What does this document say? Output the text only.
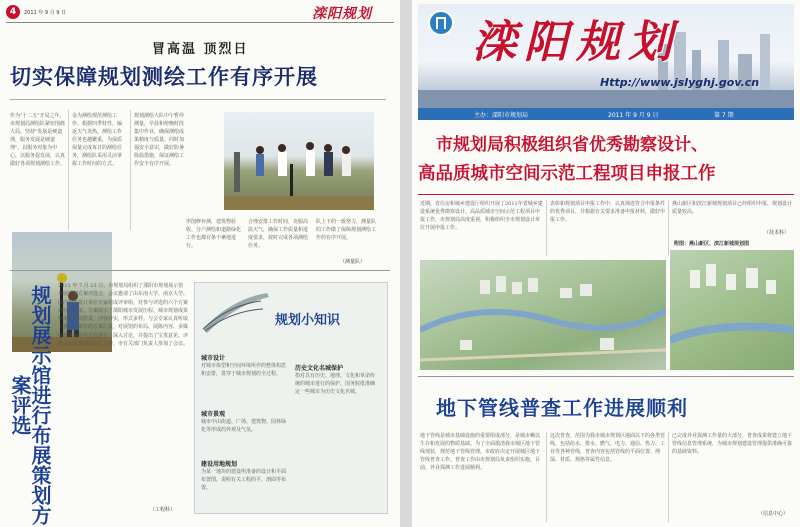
4	2011 年 9 月 9 日	滦阳规划
冒高温 顶烈日
切实保障规划测绘工作有序开展
作为"十二五"开局之年，市规划局测绘队紧密围绕大局，坚持"发展是硬道理，服务发展是硬道理"，以服务对象为中心，以服务促发展，认真做好各项规划测绘工作。
金为测绘规范测绘工作。根据四季特性，编返天气炎热，测绘工作任务也越繁重，为保质保量完成每日的测绘任务，测绘队采用灵活掌握工作时间的方式。
规划测绘大队中午暂停测量，早晨和傍晚时段集中作业，确保测绘成果精度与质量。同时加强安全意识，做好防暑降温措施，保证测绘工作安全有序开展。
形图修补测，建筑物验收、分户测绘和道路绿化工作也都有条不紊地进行。
合理安排工作时间，克服高温天气，确保工作质量和进度要求，按时完成各项测绘任务。
队上下的一致努力，测量队的工作做了保障规划测绘工作的有序开展。
（测量队）
规划展示馆进行布展策划方案评选
2011 年 7 月 23 日，市规划局组织了溧阳市规划展示馆布展策划方案评选会，会议邀请了由东南大学、南京大学、国内知名设计单位专家组成评审组，对参与评选的六个方案进行了评审。方案展示了溧阳城市发展历程、城市规划成果和未来发展愿景，内容详实，形式多样。与会专家认真听取了各设计单位的方案汇报，对展馆的布局、展陈内容、多媒体技术运用等方面进行了深入讨论，并提出了宝贵意见。评选会由市规划局局长主持，市有关部门负责人参加了会议。
（工程科）
规划小知识
城市设计
对城市体型和空间环境所作的整体构思和安排，贯穿于城市规划的全过程。
城市景观
城市中由街道、广场、建筑物、园林绿化等形成的外观及气氛。
建设用地规划
为某一地块的建设所准备的设计和平面布置图，说明有关工程的平、剖面等布置。
历史文化名城保护
指对具有历史、地理、文化和革命传统的城市进行的保护，国务院批准确定一些城市为历史文化名城。
滦阳规划
Http://www.jslyghj.gov.cn
主办：溧阳市规划局	2011 年 9 月 9 日	第 7 期
市规划局积极组织省优秀勘察设计、
高品质城市空间示范工程项目申报工作
近期，省住房和城乡建设厅组织开展了2011年省城乡建设系统优秀勘察设计、高品质城市空间示范工程项目申报工作，市规划局高度重视，积极组织全市规划设计单位开展申报工作。
表彰和规划项目申报工作中，认真筛选符合申报条件的优秀项目，并根据有关要求准备申报材料，做好申报工作。
燕山新区和滨江新城规划项目已经组织申报，规划设计质量较高。
（技术科）
附图：燕山新区、滨江新城规划图
地下管线普查工作进展顺利
地下管线是城市基础设施的重要组成部分，是城市赖以生存和发展的物质基础。为了全面摸清我市城区地下管线现状，规范地下管线管理，市政府决定开展城区地下管线普查工作。普查工作由市规划局负责组织实施，目前，外业探测工作进展顺利。
这次普查，范围为我市城市规划区地面以下的各类管线，包括给水、排水、燃气、电力、通信、热力、工业等各种管线，普查内容包括管线的平面位置、埋深、材质、规格等属性信息。
已完成外业探测工作量的大部分，普查成果将建立地下管线信息管理系统，为城市规划建设管理提供准确可靠的基础资料。
（信息中心）
